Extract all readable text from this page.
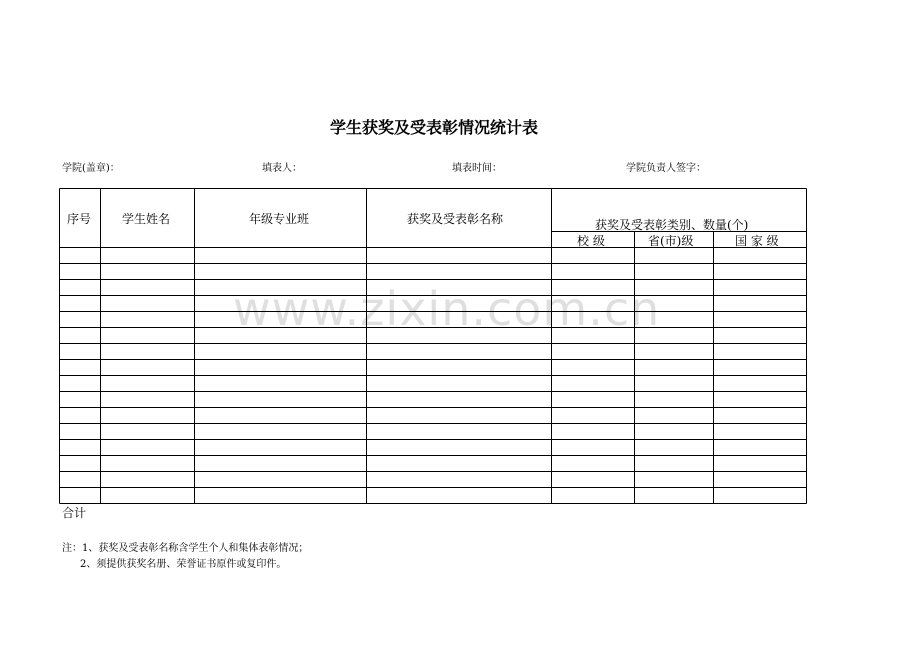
学生获奖及受表彰情况统计表
学院(盖章)：	填表人：	填表时间：	学院负责人签字：
序号	学生姓名	年级专业班	获奖及受表彰名称	获奖及受表彰类别、数量(个)
校 级	省(市)级	国 家 级
www.zixin.com.cn
合计
注：1、获奖及受表彰名称含学生个人和集体表彰情况；
2、须提供获奖名册、荣誉证书原件或复印件。
